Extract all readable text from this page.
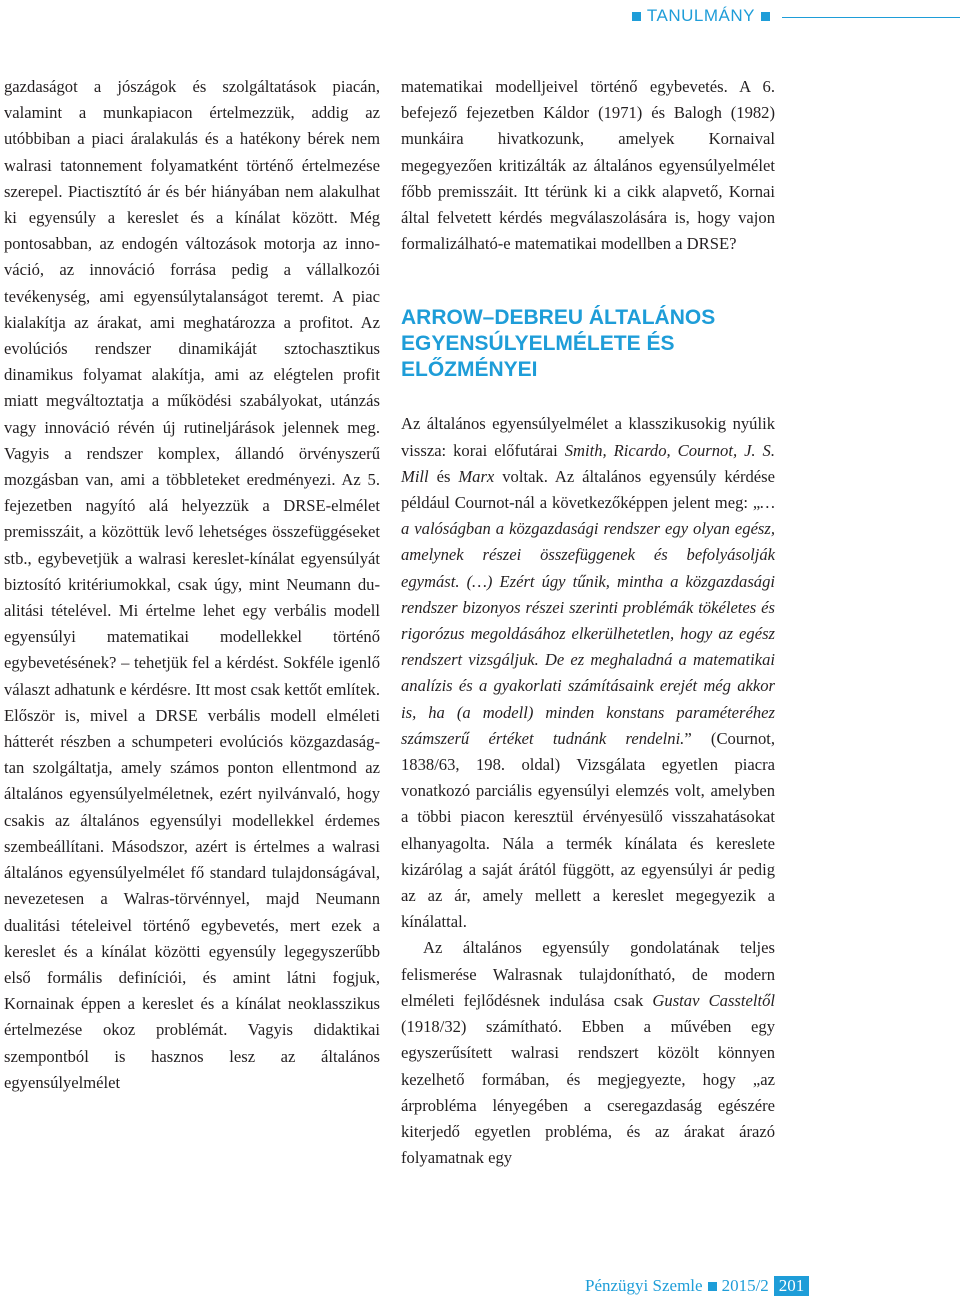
TANULMÁNY

gazdaságot a jószágok és szolgáltatások piacán, valamint a munkapiacon értelmezzük, addig az utóbbiban a piaci áralakulás és a hatékony bérek nem walrasi tatonnement folyamatként történő értelmezése szerepel. Piactisztító ár és bér hiányában nem alakulhat ki egyensúly a kereslet és a kínálat között. Még pontosabban, az endogén változások motorja az innováció, az innováció forrása pedig a vállalkozói tevékenység, ami egyensúlytalanságot teremt. A piac kialakítja az árakat, ami meghatározza a profitot. Az evolúciós rendszer dinamikáját sztochasztikus dinamikus folyamat alakítja, ami az elégtelen profit miatt megváltoztatja a működési szabályokat, utánzás vagy innováció révén új rutineljárások jelennek meg. Vagyis a rendszer komplex, állandó örvényszerű mozgásban van, ami a többleteket eredményezi. Az 5. fejezetben nagyító alá helyezzük a DRSE-elmélet premisszáit, a közöttük levő lehetséges összefüggéseket stb., egybevetjük a walrasi kereslet-kínálat egyensúlyát biztosító kritériumokkal, csak úgy, mint Neumann dualitási tételével. Mi értelme lehet egy verbális modell egyensúlyi matematikai modellekkel történő egybevetésének? – tehetjük fel a kérdést. Sokféle igenlő választ adhatunk e kérdésre. Itt most csak kettőt említek. Először is, mivel a DRSE verbális modell elméleti hátterét részben a schumpeteri evolúciós közgazdaságtan szolgáltatja, amely számos ponton ellentmond az általános egyensúlyelméletnek, ezért nyilvánvaló, hogy csakis az általános egyensúlyi modellekkel érdemes szembeállítani. Másodszor, azért is értelmes a walrasi általános egyensúlyelmélet fő standard tulajdonságával, nevezetesen a Walras-törvénnyel, majd Neumann dualitási tételeivel történő egybevetés, mert ezek a kereslet és a kínálat közötti egyensúly legegyszerűbb első formális definíciói, és amint látni fogjuk, Kornainak éppen a kereslet és a kínálat neoklasszikus értelmezése okoz problémát. Vagyis didaktikai szempontból is hasznos lesz az általános egyensúlyelmélet

matematikai modelljeivel történő egybevetés. A 6. befejező fejezetben Káldor (1971) és Balogh (1982) munkáira hivatkozunk, amelyek Kornaival megegyezően kritizálták az általános egyensúlyelmélet főbb premisszáit. Itt térünk ki a cikk alapvető, Kornai által felvetett kérdés megválaszolására is, hogy vajon formalizálható-e matematikai modellben a DRSE?

ARROW–DEBREU ÁLTALÁNOS
EGYENSÚLYELMÉLETE ÉS ELŐZMÉNYEI

Az általános egyensúlyelmélet a klasszikusokig nyúlik vissza: korai előfutárai Smith, Ricardo, Cournot, J. S. Mill és Marx voltak. Az általános egyensúly kérdése például Cournot-nál a következőképpen jelent meg: „…a valóságban a közgazdasági rendszer egy olyan egész, amelynek részei összefüggenek és befolyásolják egymást. (…) Ezért úgy tűnik, mintha a közgazdasági rendszer bizonyos részei szerinti problémák tökéletes és rigorózus megoldásához elkerülhetetlen, hogy az egész rendszert vizsgáljuk. De ez meghaladná a matematikai analízis és a gyakorlati számításaink erejét még akkor is, ha (a modell) minden konstans paraméteréhez számszerű értéket tudnánk rendelni.” (Cournot, 1838/63, 198. oldal) Vizsgálata egyetlen piacra vonatkozó parciális egyensúlyi elemzés volt, amelyben a többi piacon keresztül érvényesülő visszahatásokat elhanyagolta. Nála a termék kínálata és kereslete kizárólag a saját árától függött, az egyensúlyi ár pedig az az ár, amely mellett a kereslet megegyezik a kínálattal.

Az általános egyensúly gondolatának teljes felismerése Walrasnak tulajdonítható, de modern elméleti fejlődésnek indulása csak Gustav Cassteltől (1918/32) számítható. Ebben a művében egy egyszerűsített walrasi rendszert közölt könnyen kezelhető formában, és megjegyezte, hogy „az árprobléma lényegében a cseregazdaság egészére kiterjedő egyetlen probléma, és az árakat árazó folyamatnak egy

Pénzügyi Szemle 2015/2 201
